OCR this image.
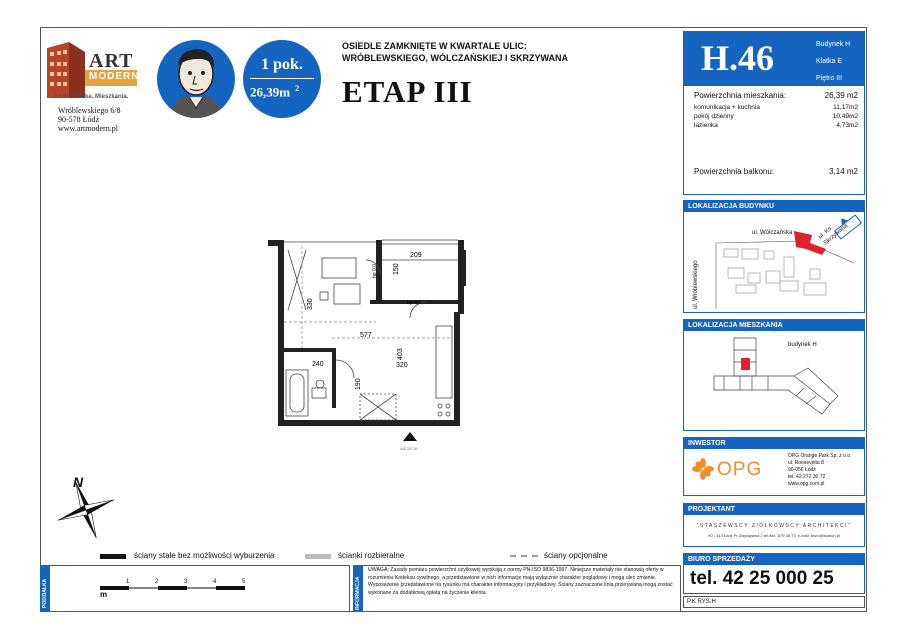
ART
MODERN
Łódź. Sztuka. Mieszkania.
Wróblewskiego 6/8
90-578 Łódź
www.artmodern.pl
1 pok.
26,39m $^2$
OSIEDLE ZAMKNIĘTE W KWARTALE ULIC:
WRÓBLEWSKIEGO, WÓLCZAŃSKIEJ I SKRZYWANA
ETAP III
H.46	Budynek H
Klatka E
Piętro III
Powierzchnia mieszkania:	26,39 m2
komunikacja + kuchnia	11,17m2
pokój dzienny	10,49m2
łazienka	4,73m2
Powierzchnia balkonu:	3,14 m2
LOKALIZACJA BUDYNKU
ul. Wólczańska	ul. Ks. Skrzywana
ul. Wróblewskiego
LOKALIZACJA MIESZKANIA
budynek H
INWESTOR
OPG
OPG Orange Park Sp. z o.o.
ul. Roosevelta 8
90-056 Łódź
tel. 42 272 30 72
www.opg.com.pl
PROJEKTANT
"STASZEWSCY ZIÓŁKOWSCY ARCHITEKCI"
90 - 313 Łódź Pr.Zwycięstwa 2 tel./fax. 679 38 73, e-mail: biuro@szarch.pl
BIURO SPRZEDAŻY
tel. 42 25 000 25
P.K RYS.H
209
150
330
577
403
320
240
190
hp 0,0
hp 0,0
WEJŚCIE
N
ściany stałe bez możliwości wyburzenia	ścianki rozbieralne	ściany opcjonalne
PODZIAŁKA	1	2	3	4	5
m	INFORMACJA
UWAGA: Zasady pomiaru powierzchni użytkowej wynikają z normy PN-ISO 9836-1997. Niniejsze materiały nie stanowią oferty w rozumieniu Kodeksu cywilnego, a przedstawione w nich informacje mają wyłącznie charakter poglądowy i mogą ulec zmianie. Wyposażenie przedstawione na rysunku ma charakter informacyjny i przykładowy. Ściany zaznaczone linią przerywaną mogą zostać wykonane za dodatkową opłatą na życzenie klienta.
